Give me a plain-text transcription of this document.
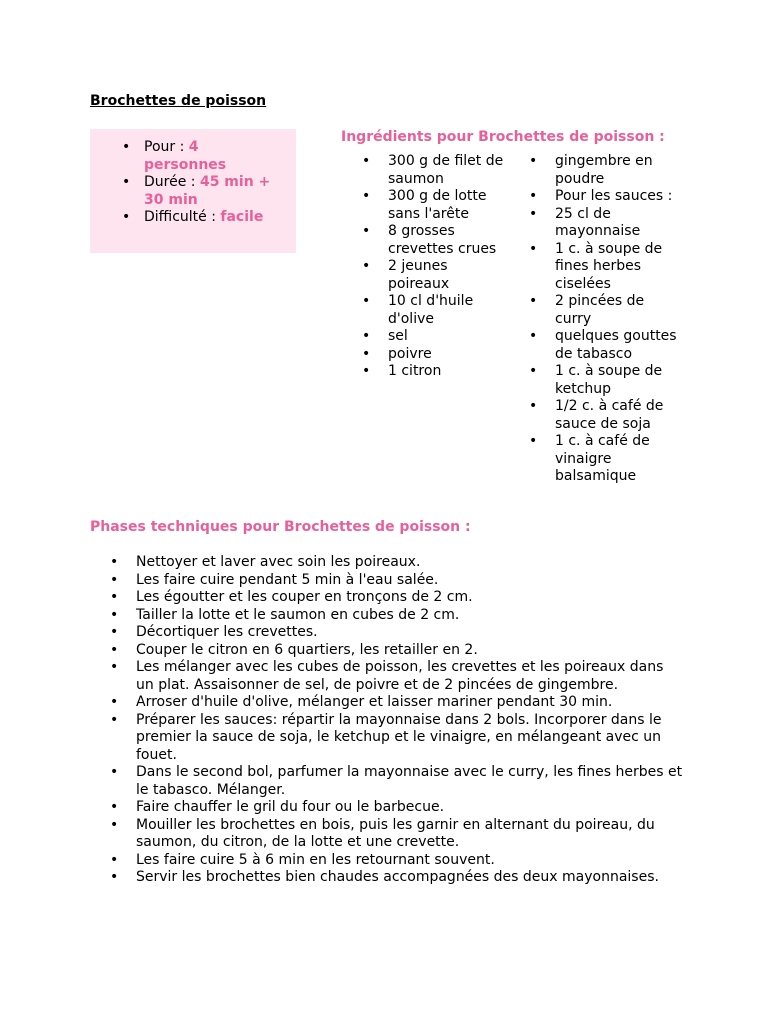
Brochettes de poisson
• Pour : 4 personnes
• Durée : 45 min + 30 min
• Difficulté : facile
Ingrédients pour Brochettes de poisson :
• 300 g de filet de saumon
• 300 g de lotte sans l'arête
• 8 grosses crevettes crues
• 2 jeunes poireaux
• 10 cl d'huile d'olive
• sel
• poivre
• 1 citron
• gingembre en poudre
• Pour les sauces :
• 25 cl de mayonnaise
• 1 c. à soupe de fines herbes ciselées
• 2 pincées de curry
• quelques gouttes de tabasco
• 1 c. à soupe de ketchup
• 1/2 c. à café de sauce de soja
• 1 c. à café de vinaigre balsamique
Phases techniques pour Brochettes de poisson :
• Nettoyer et laver avec soin les poireaux.
• Les faire cuire pendant 5 min à l'eau salée.
• Les égoutter et les couper en tronçons de 2 cm.
• Tailler la lotte et le saumon en cubes de 2 cm.
• Décortiquer les crevettes.
• Couper le citron en 6 quartiers, les retailler en 2.
• Les mélanger avec les cubes de poisson, les crevettes et les poireaux dans un plat. Assaisonner de sel, de poivre et de 2 pincées de gingembre.
• Arroser d'huile d'olive, mélanger et laisser mariner pendant 30 min.
• Préparer les sauces: répartir la mayonnaise dans 2 bols. Incorporer dans le premier la sauce de soja, le ketchup et le vinaigre, en mélangeant avec un fouet.
• Dans le second bol, parfumer la mayonnaise avec le curry, les fines herbes et le tabasco. Mélanger.
• Faire chauffer le gril du four ou le barbecue.
• Mouiller les brochettes en bois, puis les garnir en alternant du poireau, du saumon, du citron, de la lotte et une crevette.
• Les faire cuire 5 à 6 min en les retournant souvent.
• Servir les brochettes bien chaudes accompagnées des deux mayonnaises.
